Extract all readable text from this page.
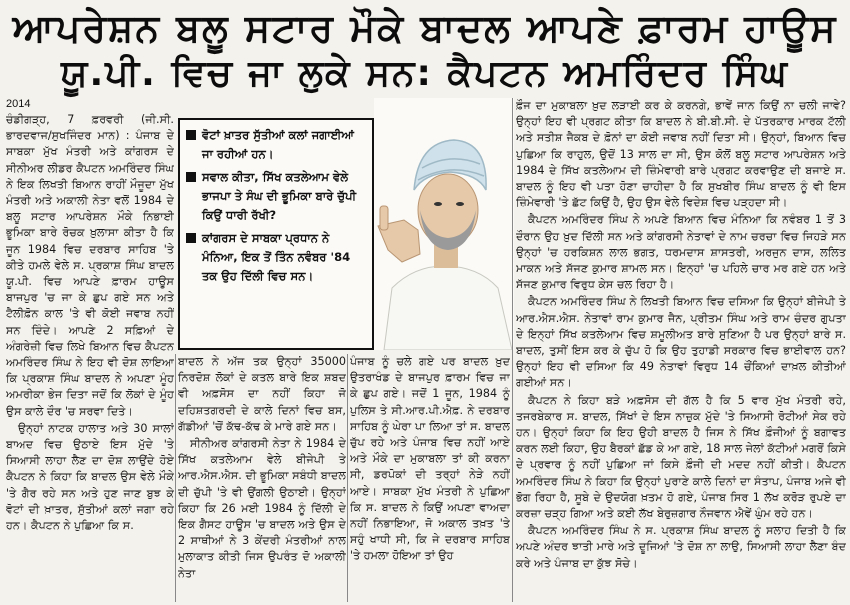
ਆਪਰੇਸ਼ਨ ਬਲੂ ਸਟਾਰ ਮੌਕੇ ਬਾਦਲ ਆਪਣੇ ਫ਼ਾਰਮ ਹਾਊਸ
ਯੂ.ਪੀ. ਵਿਚ ਜਾ ਲੁਕੇ ਸਨ: ਕੈਪਟਨ ਅਮਰਿੰਦਰ ਸਿੰਘ
2014

ਚੰਡੀਗੜ੍ਹ, 7 ਫ਼ਰਵਰੀ (ਜੀ.ਸੀ. ਭਾਰਦਵਾਜ/ਸੁਖਜਿੰਦਰ ਮਾਨ) : ਪੰਜਾਬ ਦੇ ਸਾਬਕਾ ਮੁੱਖ ਮੰਤਰੀ ਅਤੇ ਕਾਂਗਰਸ ਦੇ ਸੀਨੀਅਰ ਲੀਡਰ ਕੈਪਟਨ ਅਮਰਿੰਦਰ ਸਿੰਘ ਨੇ ਇਕ ਲਿਖਤੀ ਬਿਆਨ ਰਾਹੀਂ ਮੌਜੂਦਾ ਮੁੱਖ ਮੰਤਰੀ ਅਤੇ ਅਕਾਲੀ ਨੇਤਾ ਵਲੋਂ 1984 ਦੇ ਬਲੂ ਸਟਾਰ ਆਪਰੇਸ਼ਨ ਮੌਕੇ ਨਿਭਾਈ ਭੂਮਿਕਾ ਬਾਰੇ ਰੋਚਕ ਖ਼ੁਲਾਸਾ ਕੀਤਾ ਹੈ ਕਿ ਜੂਨ 1984 ਵਿਚ ਦਰਬਾਰ ਸਾਹਿਬ 'ਤੇ ਕੀਤੇ ਹਮਲੇ ਵੇਲੇ ਸ. ਪ੍ਰਕਾਸ਼ ਸਿੰਘ ਬਾਦਲ ਯੂ.ਪੀ. ਵਿਚ ਆਪਣੇ ਫ਼ਾਰਮ ਹਾਊਸ ਬਾਜਪੁਰ 'ਚ ਜਾ ਕੇ ਛੁਪ ਗਏ ਸਨ ਅਤੇ ਟੈਲੀਫ਼ੋਨ ਕਾਲ 'ਤੇ ਵੀ ਕੋਈ ਜਵਾਬ ਨਹੀਂ ਸਨ ਦਿੰਦੇ। ਆਪਣੇ 2 ਸਫ਼ਿਆਂ ਦੇ ਅੰਗਰੇਜ਼ੀ ਵਿਚ ਲਿਖੇ ਬਿਆਨ ਵਿਚ ਕੈਪਟਨ ਅਮਰਿੰਦਰ ਸਿੰਘ ਨੇ ਇਹ ਵੀ ਦੋਸ਼ ਲਾਇਆ ਕਿ ਪ੍ਰਕਾਸ਼ ਸਿੰਘ ਬਾਦਲ ਨੇ ਅਪਣਾ ਮੂੰਹ ਅਮਰੀਕਾ ਭੇਜ ਦਿਤਾ ਜਦੋਂ ਕਿ ਲੋਕਾਂ ਦੇ ਮੂੰਹ ਉਸ ਕਾਲੇ ਦੌਰ 'ਚ ਸਰਵਾ ਦਿਤੇ।

ਉਨ੍ਹਾਂ ਨਾਟਕ ਹਾਲਾਤ ਅਤੇ 30 ਸਾਲਾਂ ਬਾਅਦ ਵਿਚ ਉਠਾਏ ਇਸ ਮੁੱਦੇ 'ਤੇ ਸਿਆਸੀ ਲਾਹਾ ਲੈਣ ਦਾ ਦੋਸ਼ ਲਾਉਂਦੇ ਹੋਏ ਕੈਪਟਨ ਨੇ ਕਿਹਾ ਕਿ ਬਾਦਲ ਉਸ ਵੇਲੇ ਮੌਕੇ 'ਤੇ ਗੈਰ ਰਹੇ ਸਨ ਅਤੇ ਹੁਣ ਜਾਣ ਬੁਝ ਕੇ ਵੋਟਾਂ ਦੀ ਖ਼ਾਤਰ, ਸੁੱਤੀਆਂ ਕਲਾਂ ਜਗਾ ਰਹੇ ਹਨ। ਕੈਪਟਨ ਨੇ ਪੁਛਿਆ ਕਿ ਸ.

ਵੋਟਾਂ ਖ਼ਾਤਰ ਸੁੱਤੀਆਂ ਕਲਾਂ ਜਗਾਈਆਂ ਜਾ ਰਹੀਆਂ ਹਨ।
ਸਵਾਲ ਕੀਤਾ, ਸਿੱਖ ਕਤਲੇਆਮ ਵੇਲੇ ਭਾਜਪਾ ਤੇ ਸੰਘ ਦੀ ਭੂਮਿਕਾ ਬਾਰੇ ਚੁੱਪੀ ਕਿਉਂ ਧਾਰੀ ਰੱਖੀ?
ਕਾਂਗਰਸ ਦੇ ਸਾਬਕਾ ਪ੍ਰਧਾਨ ਨੇ ਮੰਨਿਆ, ਇਕ ਤੋਂ ਤਿੰਨ ਨਵੰਬਰ '84 ਤਕ ਉਹ ਦਿੱਲੀ ਵਿਚ ਸਨ।

ਬਾਦਲ ਨੇ ਅੱਜ ਤਕ ਉਨ੍ਹਾਂ 35000 ਨਿਰਦੋਸ਼ ਲੋਕਾਂ ਦੇ ਕਤਲ ਬਾਰੇ ਇਕ ਸ਼ਬਦ ਵੀ ਅਫ਼ਸੋਸ ਦਾ ਨਹੀਂ ਕਿਹਾ ਜੋ ਦਹਿਸ਼ਤਗਰਦੀ ਦੇ ਕਾਲੇ ਦਿਨਾਂ ਵਿਚ ਬਸ, ਗੱਡੀਆਂ 'ਚੋਂ ਕੱਢ-ਕੱਢ ਕੇ ਮਾਰੇ ਗਏ ਸਨ।

ਸੀਨੀਅਰ ਕਾਂਗਰਸੀ ਨੇਤਾ ਨੇ 1984 ਦੇ ਸਿੱਖ ਕਤਲੇਆਮ ਵੇਲੇ ਬੀਜੇਪੀ ਤੇ ਆਰ.ਐਸ.ਐਸ. ਦੀ ਭੂਮਿਕਾ ਸਬੰਧੀ ਬਾਦਲ ਦੀ ਚੁੱਪੀ 'ਤੇ ਵੀ ਉਂਗਲੀ ਉਠਾਈ। ਉਨ੍ਹਾਂ ਕਿਹਾ ਕਿ 26 ਮਈ 1984 ਨੂੰ ਦਿੱਲੀ ਦੇ ਇਕ ਗੈਸਟ ਹਾਊਸ 'ਚ ਬਾਦਲ ਅਤੇ ਉਸ ਦੇ 2 ਸਾਥੀਆਂ ਨੇ 3 ਕੇਂਦਰੀ ਮੰਤਰੀਆਂ ਨਾਲ ਮੁਲਾਕਾਤ ਕੀਤੀ ਜਿਸ ਉਪਰੰਤ ਦੋ ਅਕਾਲੀ ਨੇਤਾ

ਪੰਜਾਬ ਨੂੰ ਚਲੇ ਗਏ ਪਰ ਬਾਦਲ ਖ਼ੁਦ ਉਤਰਾਖੰਡ ਦੇ ਬਾਜਪੁਰ ਫ਼ਾਰਮ ਵਿਚ ਜਾ ਕੇ ਛੁਪ ਗਏ। ਜਦੋਂ 1 ਜੂਨ, 1984 ਨੂੰ ਪੁਲਿਸ ਤੇ ਸੀ.ਆਰ.ਪੀ.ਐਫ਼. ਨੇ ਦਰਬਾਰ ਸਾਹਿਬ ਨੂੰ ਘੇਰਾ ਪਾ ਲਿਆ ਤਾਂ ਸ. ਬਾਦਲ ਚੁੱਪ ਰਹੇ ਅਤੇ ਪੰਜਾਬ ਵਿਚ ਨਹੀਂ ਆਏ ਅਤੇ ਮੌਕੇ ਦਾ ਮੁਕਾਬਲਾ ਤਾਂ ਕੀ ਕਰਨਾ ਸੀ, ਡਰਪੋਕਾਂ ਦੀ ਤਰ੍ਹਾਂ ਨੇੜੇ ਨਹੀਂ ਆਏ। ਸਾਬਕਾ ਮੁੱਖ ਮੰਤਰੀ ਨੇ ਪੁਛਿਆ ਕਿ ਸ. ਬਾਦਲ ਨੇ ਕਿਉਂ ਅਪਣਾ ਵਾਅਦਾ ਨਹੀਂ ਨਿਭਾਇਆ, ਜੋ ਅਕਾਲ ਤਖ਼ਤ 'ਤੇ ਸਹੁੰ ਖਾਧੀ ਸੀ, ਕਿ ਜੇ ਦਰਬਾਰ ਸਾਹਿਬ 'ਤੇ ਹਮਲਾ ਹੋਇਆ ਤਾਂ ਉਹ

ਫ਼ੌਜ ਦਾ ਮੁਕਾਬਲਾ ਖ਼ੁਦ ਲੜਾਈ ਕਰ ਕੇ ਕਰਨਗੇ, ਭਾਵੇਂ ਜਾਨ ਕਿਉਂ ਨਾ ਚਲੀ ਜਾਵੇ? ਉਨ੍ਹਾਂ ਇਹ ਵੀ ਪ੍ਰਗਟ ਕੀਤਾ ਕਿ ਬਾਦਲ ਨੇ ਬੀ.ਬੀ.ਸੀ. ਦੇ ਪੱਤਰਕਾਰ ਮਾਰਕ ਟੱਲੀ ਅਤੇ ਸਤੀਸ਼ ਜੈਕਬ ਦੇ ਫ਼ੋਨਾਂ ਦਾ ਕੋਈ ਜਵਾਬ ਨਹੀਂ ਦਿਤਾ ਸੀ। ਉਨ੍ਹਾਂ, ਬਿਆਨ ਵਿਚ ਪੁਛਿਆ ਕਿ ਰਾਹੁਲ, ਉਦੋਂ 13 ਸਾਲ ਦਾ ਸੀ, ਉਸ ਕੋਲੋਂ ਬਲੂ ਸਟਾਰ ਆਪਰੇਸ਼ਨ ਅਤੇ 1984 ਦੇ ਸਿੱਖ ਕਤਲੇਆਮ ਦੀ ਜ਼ਿੰਮੇਵਾਰੀ ਬਾਰੇ ਪ੍ਰਗਟ ਕਰਵਾਉਣ ਦੀ ਬਜਾਏ ਸ. ਬਾਦਲ ਨੂੰ ਇਹ ਵੀ ਪਤਾ ਹੋਣਾ ਚਾਹੀਦਾ ਹੈ ਕਿ ਸੁਖਬੀਰ ਸਿੰਘ ਬਾਦਲ ਨੂੰ ਵੀ ਇਸ ਜ਼ਿੰਮੇਵਾਰੀ 'ਤੇ ਛੱਟ ਕਿਉਂ ਹੈ, ਉਹ ਉਸ ਵੇਲੇ ਵਿਦੇਸ਼ ਵਿਚ ਪੜ੍ਹਦਾ ਸੀ।

ਕੈਪਟਨ ਅਮਰਿੰਦਰ ਸਿੰਘ ਨੇ ਅਪਣੇ ਬਿਆਨ ਵਿਚ ਮੰਨਿਆ ਕਿ ਨਵੰਬਰ 1 ਤੋਂ 3 ਦੌਰਾਨ ਉਹ ਖ਼ੁਦ ਦਿੱਲੀ ਸਨ ਅਤੇ ਕਾਂਗਰਸੀ ਨੇਤਾਵਾਂ ਦੇ ਨਾਮ ਚਰਚਾ ਵਿਚ ਜਿਹੜੇ ਸਨ ਉਨ੍ਹਾਂ 'ਚ ਹਰਕਿਸ਼ਨ ਲਾਲ ਭਗਤ, ਧਰਮਦਾਸ ਸ਼ਾਸਤਰੀ, ਅਰਜੁਨ ਦਾਸ, ਲਲਿਤ ਮਾਕਨ ਅਤੇ ਸੱਜਣ ਕੁਮਾਰ ਸ਼ਾਮਲ ਸਨ। ਇਨ੍ਹਾਂ 'ਚ ਪਹਿਲੇ ਚਾਰ ਮਰ ਗਏ ਹਨ ਅਤੇ ਸੱਜਣ ਕੁਮਾਰ ਵਿਰੁਧ ਕੇਸ ਚਲ ਰਿਹਾ ਹੈ।

ਕੈਪਟਨ ਅਮਰਿੰਦਰ ਸਿੰਘ ਨੇ ਲਿਖਤੀ ਬਿਆਨ ਵਿਚ ਦਸਿਆ ਕਿ ਉਨ੍ਹਾਂ ਬੀਜੇਪੀ ਤੇ ਆਰ.ਐਸ.ਐਸ. ਨੇਤਾਵਾਂ ਰਾਮ ਕੁਮਾਰ ਜੈਨ, ਪ੍ਰੀਤਮ ਸਿੰਘ ਅਤੇ ਰਾਮ ਚੰਦਰ ਗੁਪਤਾ ਦੇ ਇਨ੍ਹਾਂ ਸਿੱਖ ਕਤਲੇਆਮ ਵਿਚ ਸ਼ਮੂਲੀਅਤ ਬਾਰੇ ਸੁਣਿਆ ਹੈ ਪਰ ਉਨ੍ਹਾਂ ਬਾਰੇ ਸ. ਬਾਦਲ, ਤੁਸੀਂ ਇਸ ਕਰ ਕੇ ਚੁੱਪ ਹੋ ਕਿ ਉਹ ਤੁਹਾਡੀ ਸਰਕਾਰ ਵਿਚ ਭਾਈਵਾਲ ਹਨ? ਉਨ੍ਹਾਂ ਇਹ ਵੀ ਦਸਿਆ ਕਿ 49 ਨੇਤਾਵਾਂ ਵਿਰੁਧ 14 ਚੌਂਕਿਆਂ ਦਾਖ਼ਲ ਕੀਤੀਆਂ ਗਈਆਂ ਸਨ।

ਕੈਪਟਨ ਨੇ ਕਿਹਾ ਬੜੇ ਅਫ਼ਸੋਸ ਦੀ ਗੱਲ ਹੈ ਕਿ 5 ਵਾਰ ਮੁੱਖ ਮੰਤਰੀ ਰਹੇ, ਤਜਰਬੇਕਾਰ ਸ. ਬਾਦਲ, ਸਿੱਖਾਂ ਦੇ ਇਸ ਨਾਜ਼ੁਕ ਮੁੱਦੇ 'ਤੇ ਸਿਆਸੀ ਰੋਟੀਆਂ ਸੇਕ ਰਹੇ ਹਨ। ਉਨ੍ਹਾਂ ਕਿਹਾ ਕਿ ਇਹ ਉਹੀ ਬਾਦਲ ਹੈ ਜਿਸ ਨੇ ਸਿੱਖ ਫ਼ੌਜੀਆਂ ਨੂੰ ਬਗਾਵਤ ਕਰਨ ਲਈ ਕਿਹਾ, ਉਹ ਬੈਰਕਾਂ ਛੱਡ ਕੇ ਆ ਗਏ, 18 ਸਾਲ ਜੇਲਾਂ ਕੱਟੀਆਂ ਮਗਰੋਂ ਕਿਸੇ ਦੇ ਪ੍ਰਵਾਰ ਨੂੰ ਨਹੀਂ ਪੁਛਿਆ ਜਾਂ ਕਿਸੇ ਫ਼ੌਜੀ ਦੀ ਮਦਦ ਨਹੀਂ ਕੀਤੀ। ਕੈਪਟਨ ਅਮਰਿੰਦਰ ਸਿੰਘ ਨੇ ਕਿਹਾ ਕਿ ਉਨ੍ਹਾਂ ਪੁਰਾਣੇ ਕਾਲੇ ਦਿਨਾਂ ਦਾ ਸੰਤਾਪ, ਪੰਜਾਬ ਅਜੇ ਵੀ ਭੋਗ ਰਿਹਾ ਹੈ, ਸੂਬੇ ਦੇ ਉਦਯੋਗ ਖ਼ਤਮ ਹੋ ਗਏ, ਪੰਜਾਬ ਸਿਰ 1 ਲੱਖ ਕਰੋੜ ਰੁਪਏ ਦਾ ਕਰਜ਼ਾ ਚੜ੍ਹ ਗਿਆ ਅਤੇ ਕਈ ਲੱਖ ਬੇਰੁਜ਼ਗਾਰ ਨੌਜਵਾਨ ਐਵੇਂ ਘੁੰਮ ਰਹੇ ਹਨ।

ਕੈਪਟਨ ਅਮਰਿੰਦਰ ਸਿੰਘ ਨੇ ਸ. ਪ੍ਰਕਾਸ਼ ਸਿੰਘ ਬਾਦਲ ਨੂੰ ਸਲਾਹ ਦਿਤੀ ਹੈ ਕਿ ਅਪਣੇ ਅੰਦਰ ਝਾਤੀ ਮਾਰੇ ਅਤੇ ਦੂਜਿਆਂ 'ਤੇ ਦੋਸ਼ ਨਾ ਲਾਉ, ਸਿਆਸੀ ਲਾਹਾ ਲੈਣਾ ਬੰਦ ਕਰੇ ਅਤੇ ਪੰਜਾਬ ਦਾ ਕੁੱਝ ਸੋਚੇ।
